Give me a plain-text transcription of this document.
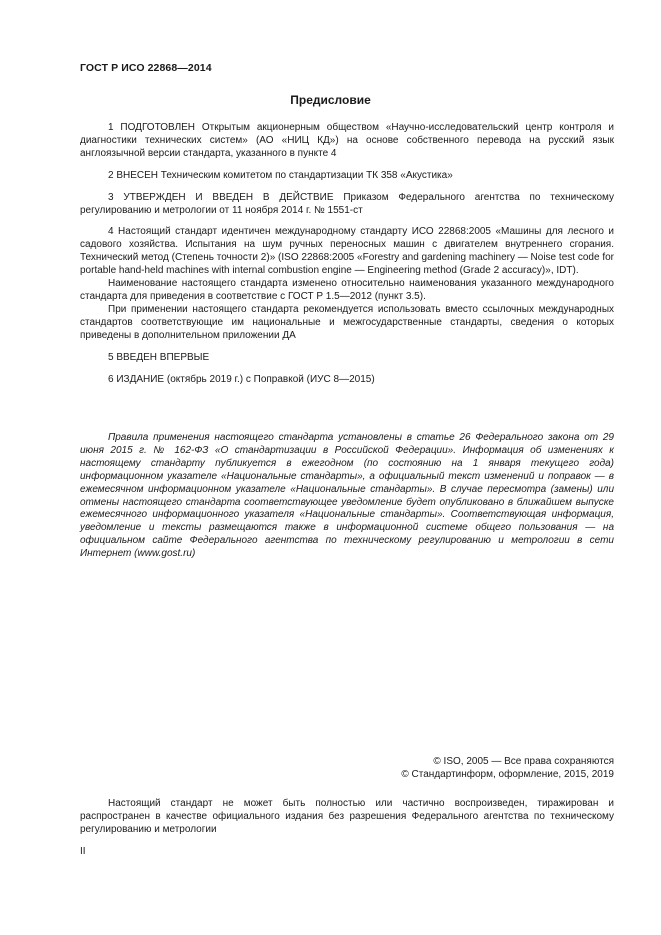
ГОСТ Р ИСО 22868—2014
Предисловие

1 ПОДГОТОВЛЕН Открытым акционерным обществом «Научно-исследовательский центр контроля и диагностики технических систем» (АО «НИЦ КД») на основе собственного перевода на русский язык англоязычной версии стандарта, указанного в пункте 4

2 ВНЕСЕН Техническим комитетом по стандартизации ТК 358 «Акустика»

3 УТВЕРЖДЕН И ВВЕДЕН В ДЕЙСТВИЕ Приказом Федерального агентства по техническому регулированию и метрологии от 11 ноября 2014 г. № 1551-ст

4 Настоящий стандарт идентичен международному стандарту ИСО 22868:2005 «Машины для лесного и садового хозяйства. Испытания на шум ручных переносных машин с двигателем внутреннего сгорания. Технический метод (Степень точности 2)» (ISO 22868:2005 «Forestry and gardening machinery — Noise test code for portable hand-held machines with internal combustion engine — Engineering method (Grade 2 accuracy)», IDT).

Наименование настоящего стандарта изменено относительно наименования указанного международного стандарта для приведения в соответствие с ГОСТ Р 1.5—2012 (пункт 3.5).

При применении настоящего стандарта рекомендуется использовать вместо ссылочных международных стандартов соответствующие им национальные и межгосударственные стандарты, сведения о которых приведены в дополнительном приложении ДА

5 ВВЕДЕН ВПЕРВЫЕ

6 ИЗДАНИЕ (октябрь 2019 г.) с Поправкой (ИУС 8—2015)

Правила применения настоящего стандарта установлены в статье 26 Федерального закона от 29 июня 2015 г. № 162-ФЗ «О стандартизации в Российской Федерации». Информация об изменениях к настоящему стандарту публикуется в ежегодном (по состоянию на 1 января текущего года) информационном указателе «Национальные стандарты», а официальный текст изменений и поправок — в ежемесячном информационном указателе «Национальные стандарты». В случае пересмотра (замены) или отмены настоящего стандарта соответствующее уведомление будет опубликовано в ближайшем выпуске ежемесячного информационного указателя «Национальные стандарты». Соответствующая информация, уведомление и тексты размещаются также в информационной системе общего пользования — на официальном сайте Федерального агентства по техническому регулированию и метрологии в сети Интернет (www.gost.ru)
© ISO, 2005 — Все права сохраняются
© Стандартинформ, оформление, 2015, 2019
Настоящий стандарт не может быть полностью или частично воспроизведен, тиражирован и распространен в качестве официального издания без разрешения Федерального агентства по техническому регулированию и метрологии
II
